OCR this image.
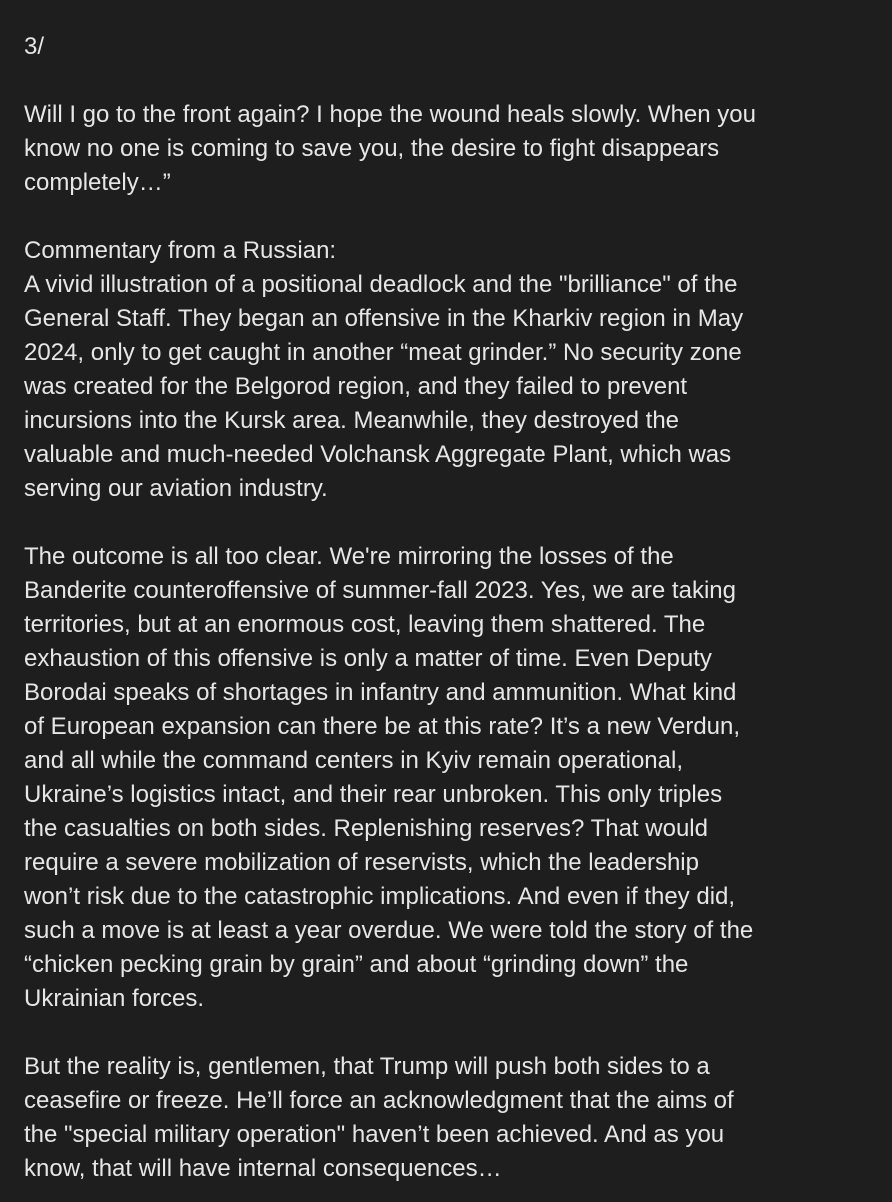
3/
Will I go to the front again? I hope the wound heals slowly. When you
know no one is coming to save you, the desire to fight disappears
completely…”
Commentary from a Russian:
A vivid illustration of a positional deadlock and the "brilliance" of the
General Staff. They began an offensive in the Kharkiv region in May
2024, only to get caught in another “meat grinder.” No security zone
was created for the Belgorod region, and they failed to prevent
incursions into the Kursk area. Meanwhile, they destroyed the
valuable and much-needed Volchansk Aggregate Plant, which was
serving our aviation industry.
The outcome is all too clear. We're mirroring the losses of the
Banderite counteroffensive of summer-fall 2023. Yes, we are taking
territories, but at an enormous cost, leaving them shattered. The
exhaustion of this offensive is only a matter of time. Even Deputy
Borodai speaks of shortages in infantry and ammunition. What kind
of European expansion can there be at this rate? It’s a new Verdun,
and all while the command centers in Kyiv remain operational,
Ukraine’s logistics intact, and their rear unbroken. This only triples
the casualties on both sides. Replenishing reserves? That would
require a severe mobilization of reservists, which the leadership
won’t risk due to the catastrophic implications. And even if they did,
such a move is at least a year overdue. We were told the story of the
“chicken pecking grain by grain” and about “grinding down” the
Ukrainian forces.
But the reality is, gentlemen, that Trump will push both sides to a
ceasefire or freeze. He’ll force an acknowledgment that the aims of
the "special military operation" haven’t been achieved. And as you
know, that will have internal consequences…
